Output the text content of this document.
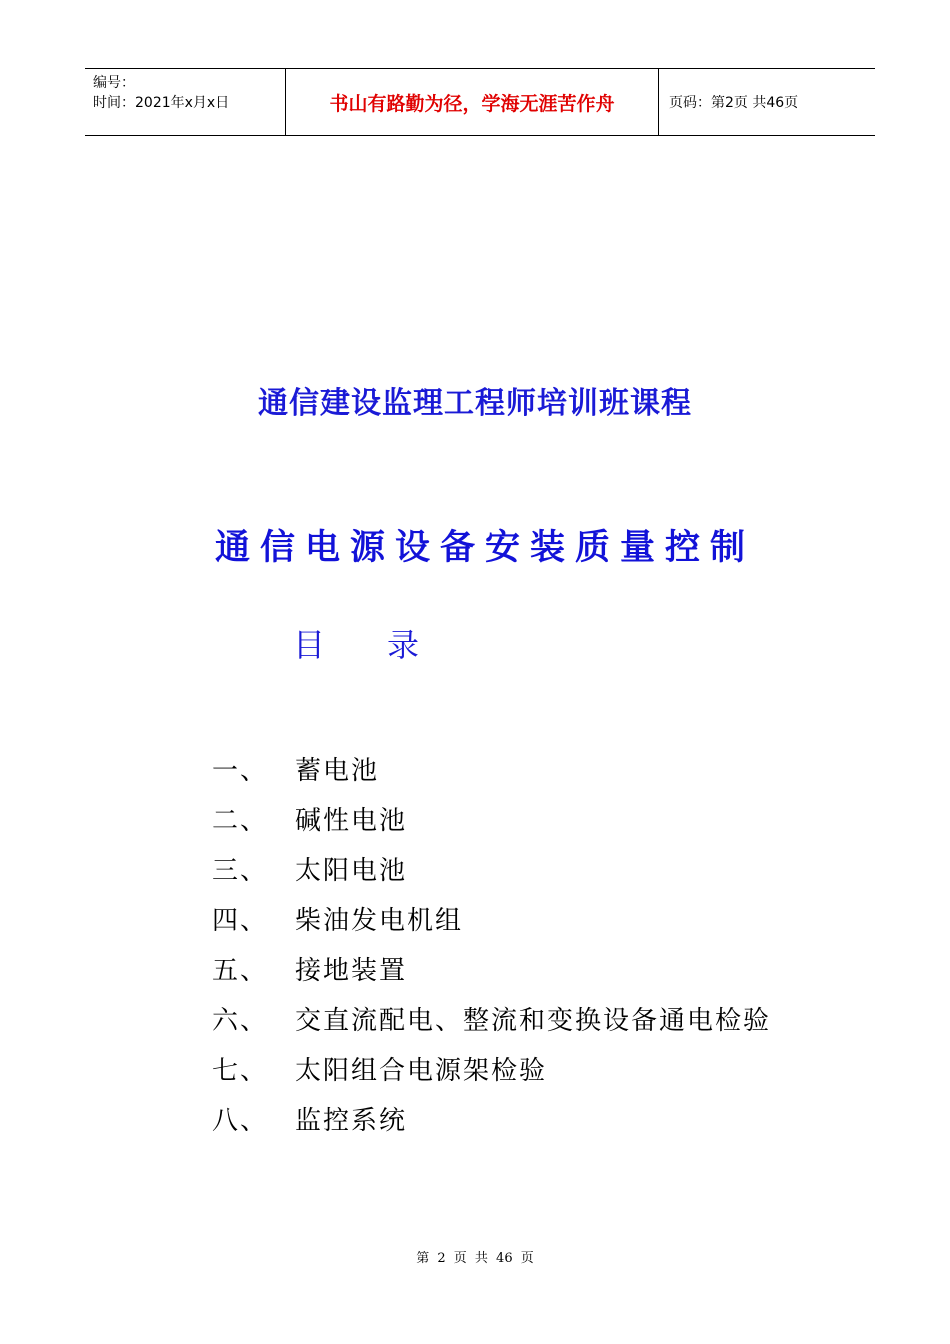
编号：
时间：2021年x月x日	书山有路勤为径，学海无涯苦作舟	页码：第2页 共46页
通信建设监理工程师培训班课程
通信电源设备安装质量控制
目录
一、	蓄电池
二、	碱性电池
三、	太阳电池
四、	柴油发电机组
五、	接地装置
六、	交直流配电、整流和变换设备通电检验
七、	太阳组合电源架检验
八、	监控系统
第 2 页 共 46 页
